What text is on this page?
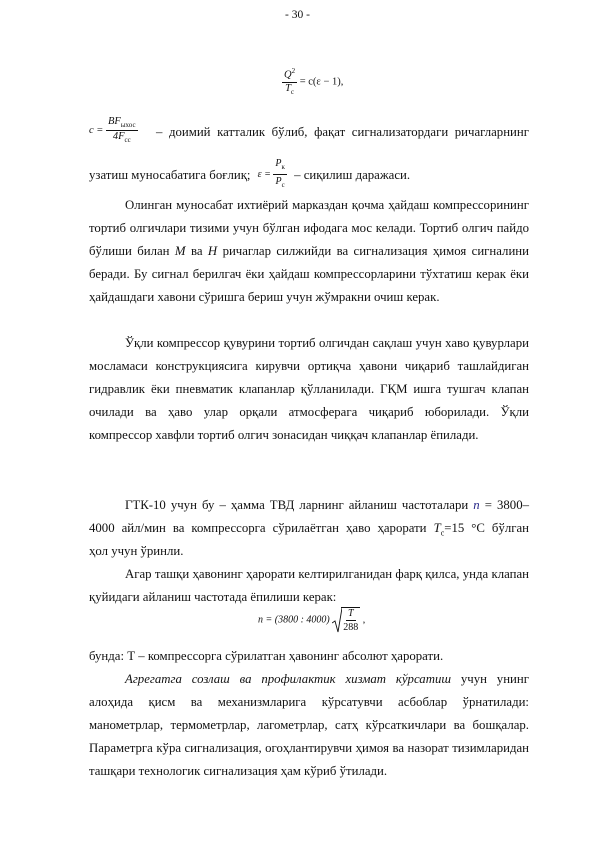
- 30 -
$\frac{Q^2}{T_c} = c(\varepsilon - 1)$,
$c = \frac{BF_{ыхос}}{4F_{cc}}$ – доимий катталик бўлиб, фақат сигнализатордаги ричагларнинг

узатиш муносабатига боғлиқ; $\varepsilon = \frac{P_к}{P_с}$ – сиқилиш даражаси.

Олинган муносабат ихтиёрий марказдан қочма ҳайдаш компрессорининг тортиб олгичлари тизими учун бўлган ифодага мос келади. Тортиб олгич пайдо бўлиши билан М ва Н ричаглар силжийди ва сигнализация ҳимоя сигналини беради. Бу сигнал берилгач ёки ҳайдаш компрессорларини тўхтатиш керак ёки ҳайдашдаги хавони сўришга бериш учун жўмракни очиш керак.

Ўқли компрессор қувурини тортиб олгичдан сақлаш учун хаво қувурлари мосламаси конструкциясига кирувчи ортиқча ҳавони чиқариб ташлайдиган гидравлик ёки пневматик клапанлар қўлланилади. ГҚМ ишга тушгач клапан очилади ва ҳаво улар орқали атмосферага чиқариб юборилади. Ўқли компрессор хавфли тортиб олгич зонасидан чиққач клапанлар ёпилади.

ГТК-10 учун бу – ҳамма ТВД ларнинг айланиш частоталари n = 3800–

4000 айл/мин ва компрессорга сўрилаётган ҳаво ҳарорати $T_c=15$ °С бўлган

ҳол учун ўринли.

Агар ташқи ҳавонинг ҳарорати келтирилганидан фарқ қилса, унда клапан қуйидаги айланиш частотада ёпилиши керак:

n = (3800 : $4000) \frac{T}{288}$ ,

бунда: Т – компрессорга сўрилатган ҳавонинг абсолют ҳарорати.

Агрегатга созлаш ва профилактик хизмат кўрсатиш учун унинг алоҳида қисм ва механизмларига кўрсатувчи асбоблар ўрнатилади: манометрлар, термометрлар, лагометрлар, сатҳ кўрсаткичлари ва бошқалар. Параметрга кўра сигнализация, огоҳлантирувчи ҳимоя ва назорат тизимларидан ташқари технологик сигнализация ҳам кўриб ўтилади.
